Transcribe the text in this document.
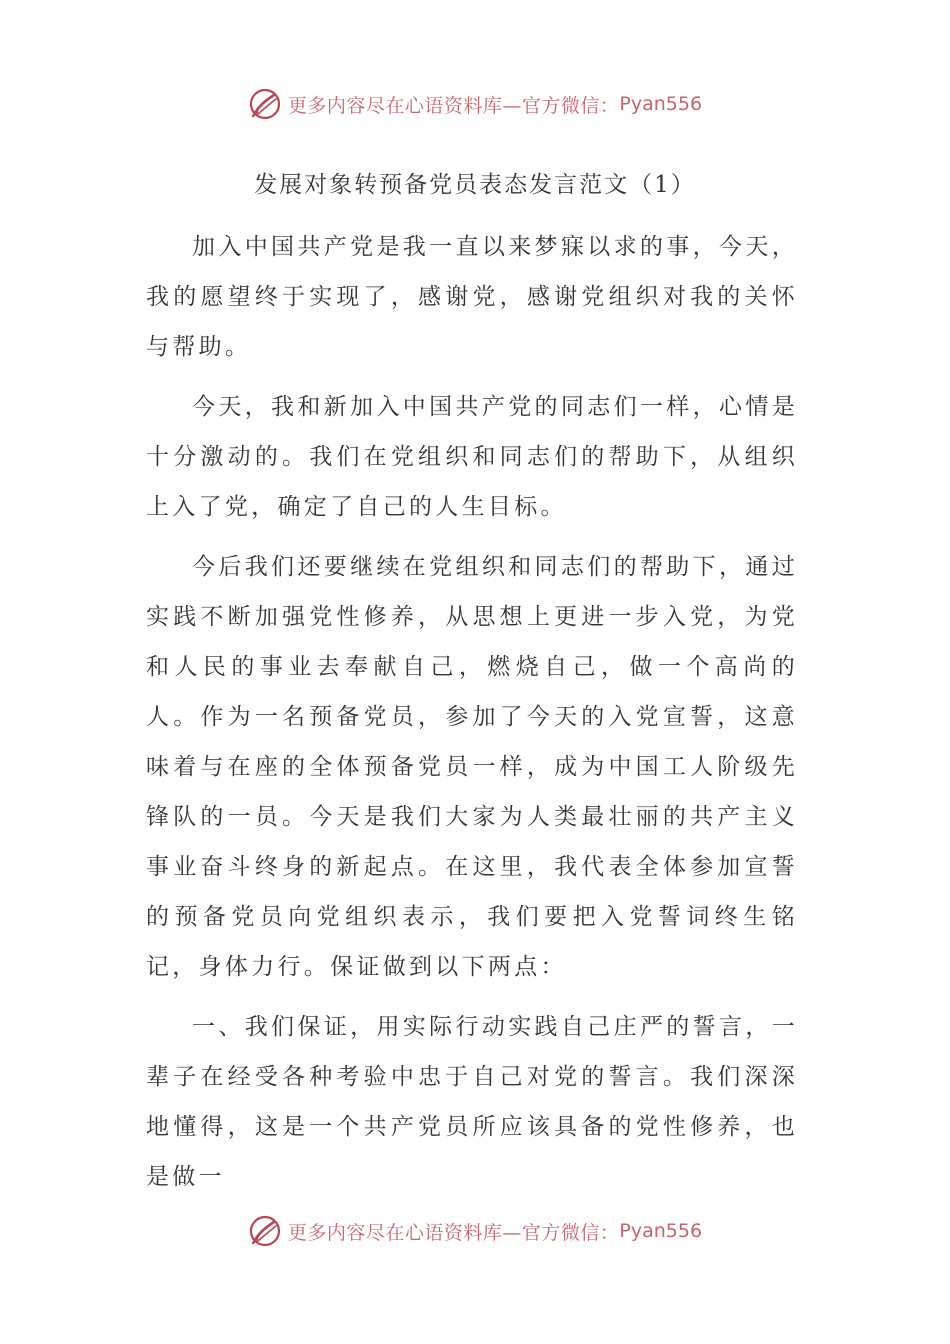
更多内容尽在心语资料库—官方微信： Pyan556
发展对象转预备党员表态发言范文（1）

加入中国共产党是我一直以来梦寐以求的事，今天，我的愿望终于实现了，感谢党，感谢党组织对我的关怀与帮助。

今天，我和新加入中国共产党的同志们一样，心情是十分激动的。我们在党组织和同志们的帮助下，从组织上入了党，确定了自己的人生目标。

今后我们还要继续在党组织和同志们的帮助下，通过实践不断加强党性修养，从思想上更进一步入党，为党和人民的事业去奉献自己，燃烧自己，做一个高尚的人。作为一名预备党员，参加了今天的入党宣誓，这意味着与在座的全体预备党员一样，成为中国工人阶级先锋队的一员。今天是我们大家为人类最壮丽的共产主义事业奋斗终身的新起点。在这里，我代表全体参加宣誓的预备党员向党组织表示，我们要把入党誓词终生铭记，身体力行。保证做到以下两点：

一、我们保证，用实际行动实践自己庄严的誓言，一辈子在经受各种考验中忠于自己对党的誓言。我们深深地懂得，这是一个共产党员所应该具备的党性修养，也是做一

更多内容尽在心语资料库—官方微信： Pyan556
